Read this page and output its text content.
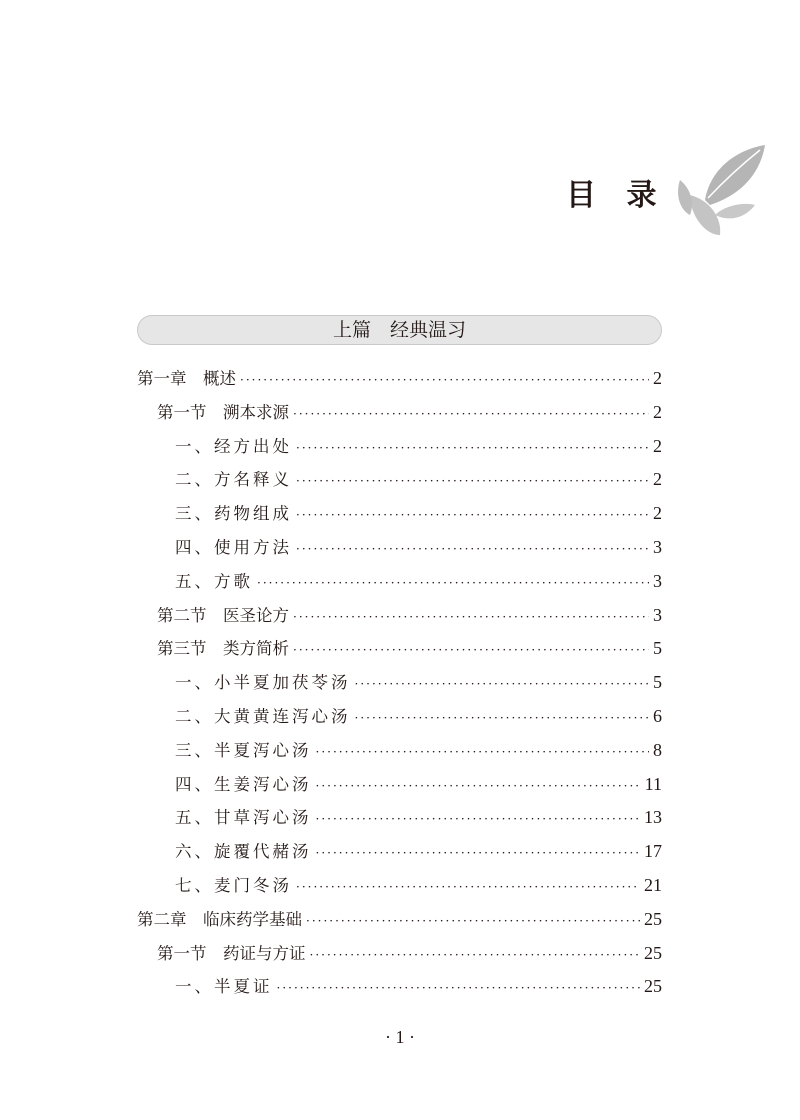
目 录
上篇　经典温习
第一章　概述 ·····	2
第一节　溯本求源 ·····	2
一、经方出处 ·····	2
二、方名释义 ·····	2
三、药物组成 ·····	2
四、使用方法 ·····	3
五、方歌 ·····	3
第二节　医圣论方 ·····	3
第三节　类方简析 ·····	5
一、小半夏加茯苓汤 ·····	5
二、大黄黄连泻心汤 ·····	6
三、半夏泻心汤 ·····	8
四、生姜泻心汤 ·····	11
五、甘草泻心汤 ·····	13
六、旋覆代赭汤 ·····	17
七、麦门冬汤 ·····	21
第二章　临床药学基础 ·····	25
第一节　药证与方证 ·····	25
一、半夏证 ·····	25
· 1 ·
